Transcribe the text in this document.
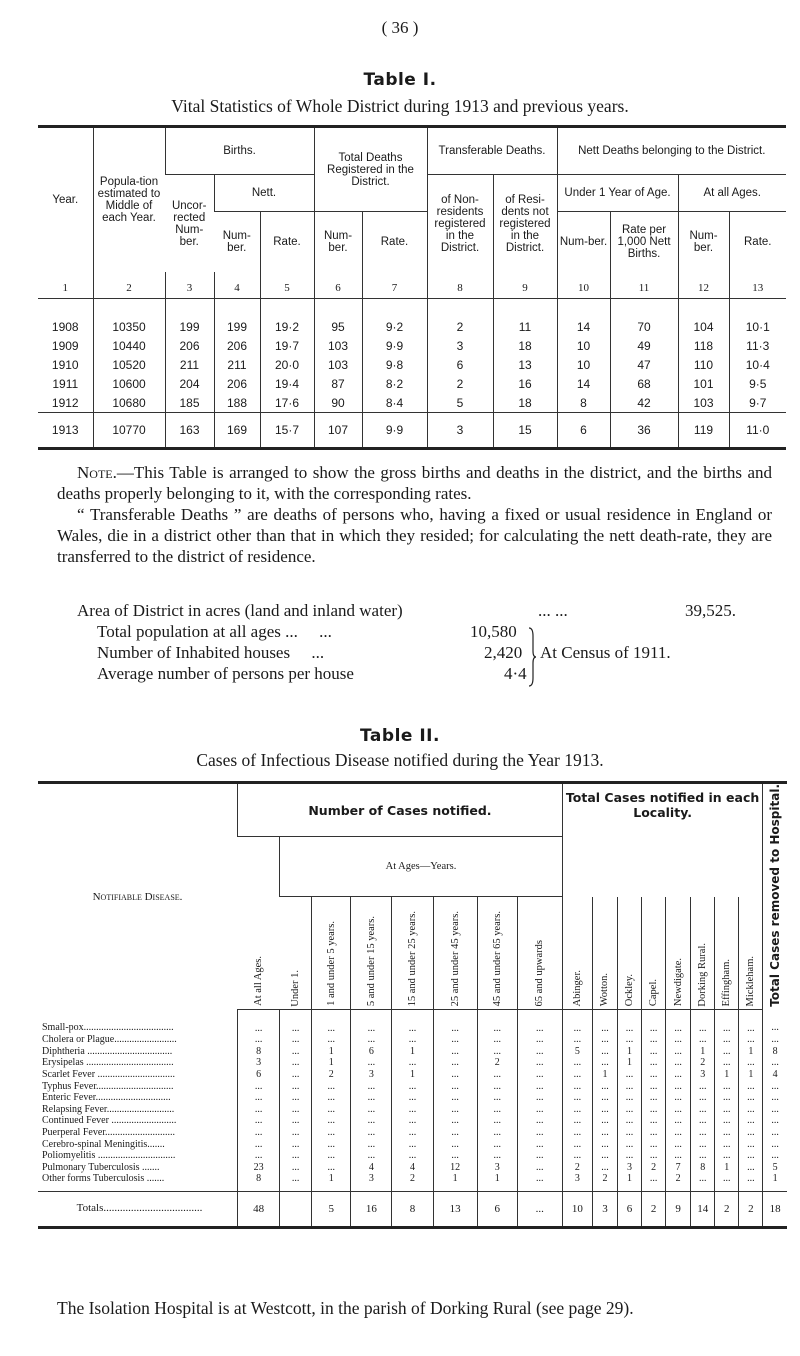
( 36 )
Table I.
Vital Statistics of Whole District during 1913 and previous years.
Year.	Popula-tion estimated to Middle of each Year.	Births.			Total Deaths Registered in the District.		Transferable Deaths.		Nett Deaths belonging to the District.			
		Uncor-rected Num-ber.	Nett.				of Non-residents registered in the District.	of Resi-dents not registered in the District.	Under 1 Year of Age.		At all Ages.	
			Num-ber.	Rate.	Num-ber.	Rate.			Num-ber.	Rate per 1,000 Nett Births.	Num-ber.	Rate.
1	2	3	4	5	6	7	8	9	10	11	12	13
1908	10350	199	199	19·2	95	9·2	2	11	14	70	104	10·1
1909	10440	206	206	19·7	103	9·9	3	18	10	49	118	11·3
1910	10520	211	211	20·0	103	9·8	6	13	10	47	110	10·4
1911	10600	204	206	19·4	87	8·2	2	16	14	68	101	9·5
1912	10680	185	188	17·6	90	8·4	5	18	8	42	103	9·7
1913	10770	163	169	15·7	107	9·9	3	15	6	36	119	11·0

Note.—This Table is arranged to show the gross births and deaths in the district, and the births and deaths properly belonging to it, with the corresponding rates.

“ Transferable Deaths ” are deaths of persons who, having a fixed or usual residence in England or Wales, die in a district other than that in which they resided; for calculating the nett death-rate, they are transferred to the district of residence.

Area of District in acres (land and inland water)	... ...	39,525.
Total population at all ages ...     ...	10,580
Number of Inhabited houses     ...	2,420
Average number of persons per house	4·4
At Census of 1911.
Table II.
Cases of Infectious Disease notified during the Year 1913.
Notifiable Disease.	Number of Cases notified.								Total Cases notified in each Locality.								Total Cases removed to Hospital.
	At all Ages.	At Ages—Years.															
		Under 1.	1 and under 5 years.	5 and under 15 years.	15 and under 25 years.	25 and under 45 years.	45 and under 65 years.	65 and upwards	Abinger.	Wotton.	Ockley.	Capel.	Newdigate.	Dorking Rural.	Effingham.	Mickleham.	
Small-pox....................................	...	...	...	...	...	...	...	...	...	...	...	...	...	...	...	...	...
Cholera or Plague.........................	...	...	...	...	...	...	...	...	...	...	...	...	...	...	...	...	...
Diphtheria ..................................	8	...	1	6	1	...	...	...	5	...	1	...	...	1	...	1	8
Erysipelas ...................................	3	...	1	...	...	...	2	...	...	...	1	...	...	2	...	...	...
Scarlet Fever ...............................	6	...	2	3	1	...	...	...	...	1	...	...	...	3	1	1	4
Typhus Fever...............................	...	...	...	...	...	...	...	...	...	...	...	...	...	...	...	...	...
Enteric Fever..............................	...	...	...	...	...	...	...	...	...	...	...	...	...	...	...	...	...
Relapsing Fever...........................	...	...	...	...	...	...	...	...	...	...	...	...	...	...	...	...	...
Continued Fever ..........................	...	...	...	...	...	...	...	...	...	...	...	...	...	...	...	...	...
Puerperal Fever............................	...	...	...	...	...	...	...	...	...	...	...	...	...	...	...	...	...
Cerebro-spinal Meningitis.......	...	...	...	...	...	...	...	...	...	...	...	...	...	...	...	...	...
Poliomyelitis ...............................	...	...	...	...	...	...	...	...	...	...	...	...	...	...	...	...	...
Pulmonary Tuberculosis .......	23	...	...	4	4	12	3	...	2	...	3	2	7	8	1	...	5
Other forms Tuberculosis .......	8	...	1	3	2	1	1	...	3	2	1	...	2	...	...	...	1
Totals....................................	48		5	16	8	13	6	...	10	3	6	2	9	14	2	2	18
The Isolation Hospital is at Westcott, in the parish of Dorking Rural (see page 29).
